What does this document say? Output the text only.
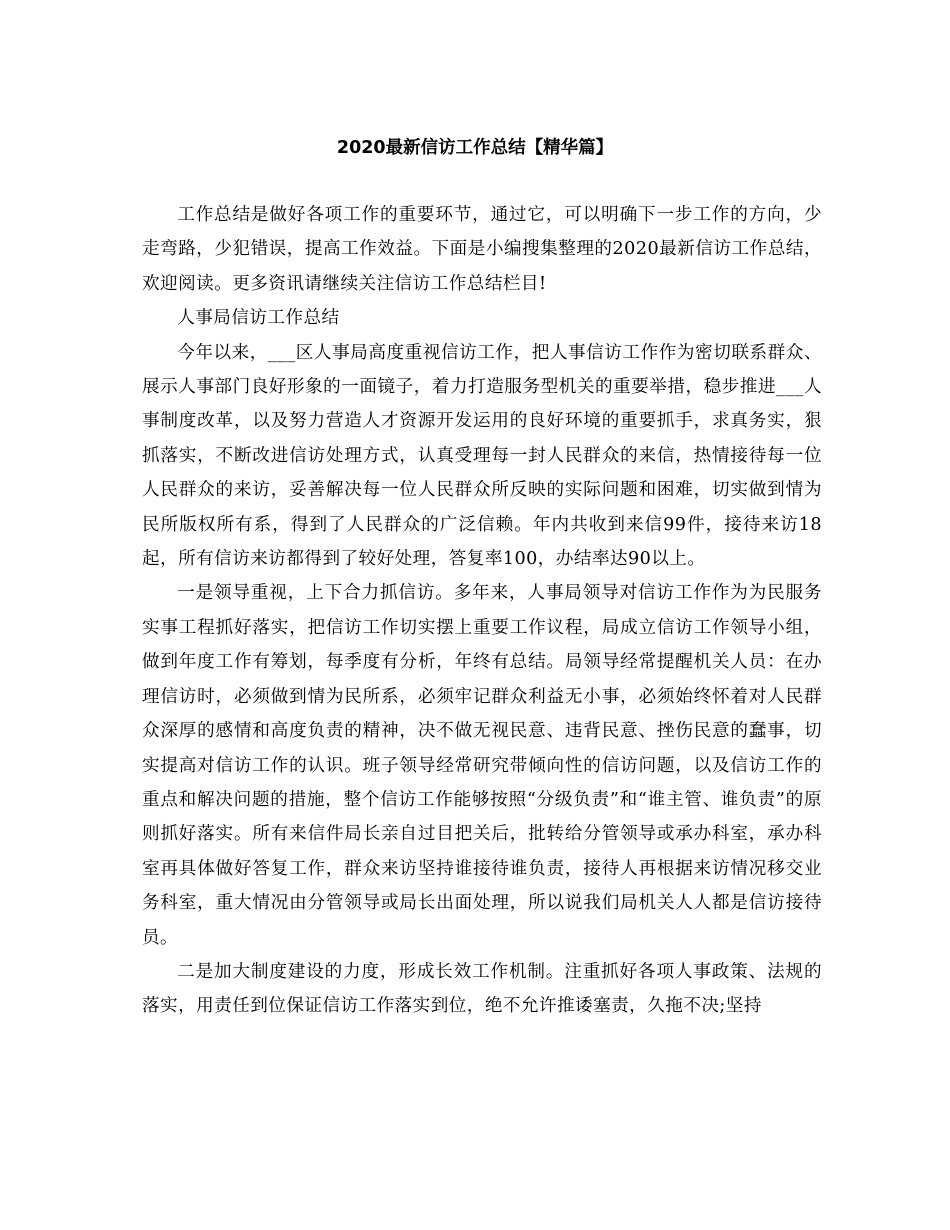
2020最新信访工作总结【精华篇】

工作总结是做好各项工作的重要环节，通过它，可以明确下一步工作的方向，少走弯路，少犯错误，提高工作效益。下面是小编搜集整理的2020最新信访工作总结，欢迎阅读。更多资讯请继续关注信访工作总结栏目!

人事局信访工作总结

今年以来，___区人事局高度重视信访工作，把人事信访工作作为密切联系群众、展示人事部门良好形象的一面镜子，着力打造服务型机关的重要举措，稳步推进___人事制度改革，以及努力营造人才资源开发运用的良好环境的重要抓手，求真务实，狠抓落实，不断改进信访处理方式，认真受理每一封人民群众的来信，热情接待每一位人民群众的来访，妥善解决每一位人民群众所反映的实际问题和困难，切实做到情为民所版权所有系，得到了人民群众的广泛信赖。年内共收到来信99件，接待来访18起，所有信访来访都得到了较好处理，答复率100，办结率达90以上。

一是领导重视，上下合力抓信访。多年来，人事局领导对信访工作作为为民服务实事工程抓好落实，把信访工作切实摆上重要工作议程，局成立信访工作领导小组，做到年度工作有筹划，每季度有分析，年终有总结。局领导经常提醒机关人员：在办理信访时，必须做到情为民所系，必须牢记群众利益无小事，必须始终怀着对人民群众深厚的感情和高度负责的精神，决不做无视民意、违背民意、挫伤民意的蠢事，切实提高对信访工作的认识。班子领导经常研究带倾向性的信访问题，以及信访工作的重点和解决问题的措施，整个信访工作能够按照“分级负责”和“谁主管、谁负责”的原则抓好落实。所有来信件局长亲自过目把关后，批转给分管领导或承办科室，承办科室再具体做好答复工作，群众来访坚持谁接待谁负责，接待人再根据来访情况移交业务科室，重大情况由分管领导或局长出面处理，所以说我们局机关人人都是信访接待员。

二是加大制度建设的力度，形成长效工作机制。注重抓好各项人事政策、法规的落实，用责任到位保证信访工作落实到位，绝不允许推诿塞责，久拖不决;坚持
